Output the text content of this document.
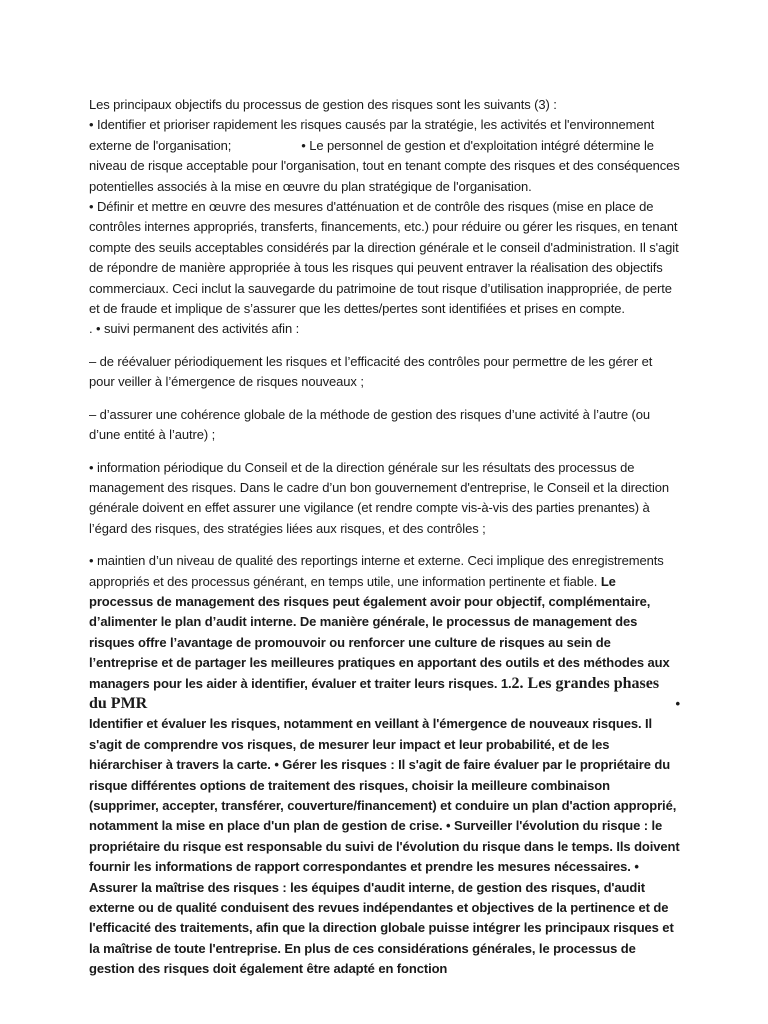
Les principaux objectifs du processus de gestion des risques sont les suivants (3) :

• Identifier et prioriser rapidement les risques causés par la stratégie, les activités et l'environnement externe de l'organisation;	• Le personnel de gestion et d'exploitation intégré détermine le niveau de risque acceptable pour l'organisation, tout en tenant compte des risques et des conséquences potentielles associés à la mise en œuvre du plan stratégique de l'organisation.

• Définir et mettre en œuvre des mesures d'atténuation et de contrôle des risques (mise en place de contrôles internes appropriés, transferts, financements, etc.) pour réduire ou gérer les risques, en tenant compte des seuils acceptables considérés par la direction générale et le conseil d'administration. Il s'agit de répondre de manière appropriée à tous les risques qui peuvent entraver la réalisation des objectifs commerciaux. Ceci inclut la sauvegarde du patrimoine de tout risque d’utilisation inappropriée, de perte et de fraude et implique de s’assurer que les dettes/pertes sont identifiées et prises en compte.

. • suivi permanent des activités afin :

– de réévaluer périodiquement les risques et l’efficacité des contrôles pour permettre de les gérer et pour veiller à l’émergence de risques nouveaux ;

– d’assurer une cohérence globale de la méthode de gestion des risques d’une activité à l’autre (ou d’une entité à l’autre) ;

• information périodique du Conseil et de la direction générale sur les résultats des processus de management des risques. Dans le cadre d’un bon gouvernement d'entreprise, le Conseil et la direction générale doivent en effet assurer une vigilance (et rendre compte vis-à-vis des parties prenantes) à l’égard des risques, des stratégies liées aux risques, et des contrôles ;

• maintien d’un niveau de qualité des reportings interne et externe. Ceci implique des enregistrements appropriés et des processus générant, en temps utile, une information pertinente et fiable. Le processus de management des risques peut également avoir pour objectif, complémentaire, d’alimenter le plan d’audit interne. De manière générale, le processus de management des risques offre l’avantage de promouvoir ou renforcer une culture de risques au sein de l’entreprise et de partager les meilleures pratiques en apportant des outils et des méthodes aux managers pour les aider à identifier, évaluer et traiter leurs risques. 1.2. Les grandes phases du PMR	•

Identifier et évaluer les risques, notamment en veillant à l'émergence de nouveaux risques. Il s'agit de comprendre vos risques, de mesurer leur impact et leur probabilité, et de les hiérarchiser à travers la carte. • Gérer les risques : Il s'agit de faire évaluer par le propriétaire du risque différentes options de traitement des risques, choisir la meilleure combinaison (supprimer, accepter, transférer, couverture/financement) et conduire un plan d'action approprié, notamment la mise en place d'un plan de gestion de crise. • Surveiller l'évolution du risque : le propriétaire du risque est responsable du suivi de l'évolution du risque dans le temps. Ils doivent fournir les informations de rapport correspondantes et prendre les mesures nécessaires. • Assurer la maîtrise des risques : les équipes d'audit interne, de gestion des risques, d'audit externe ou de qualité conduisent des revues indépendantes et objectives de la pertinence et de l'efficacité des traitements, afin que la direction globale puisse intégrer les principaux risques et la maîtrise de toute l'entreprise. En plus de ces considérations générales, le processus de gestion des risques doit également être adapté en fonction
